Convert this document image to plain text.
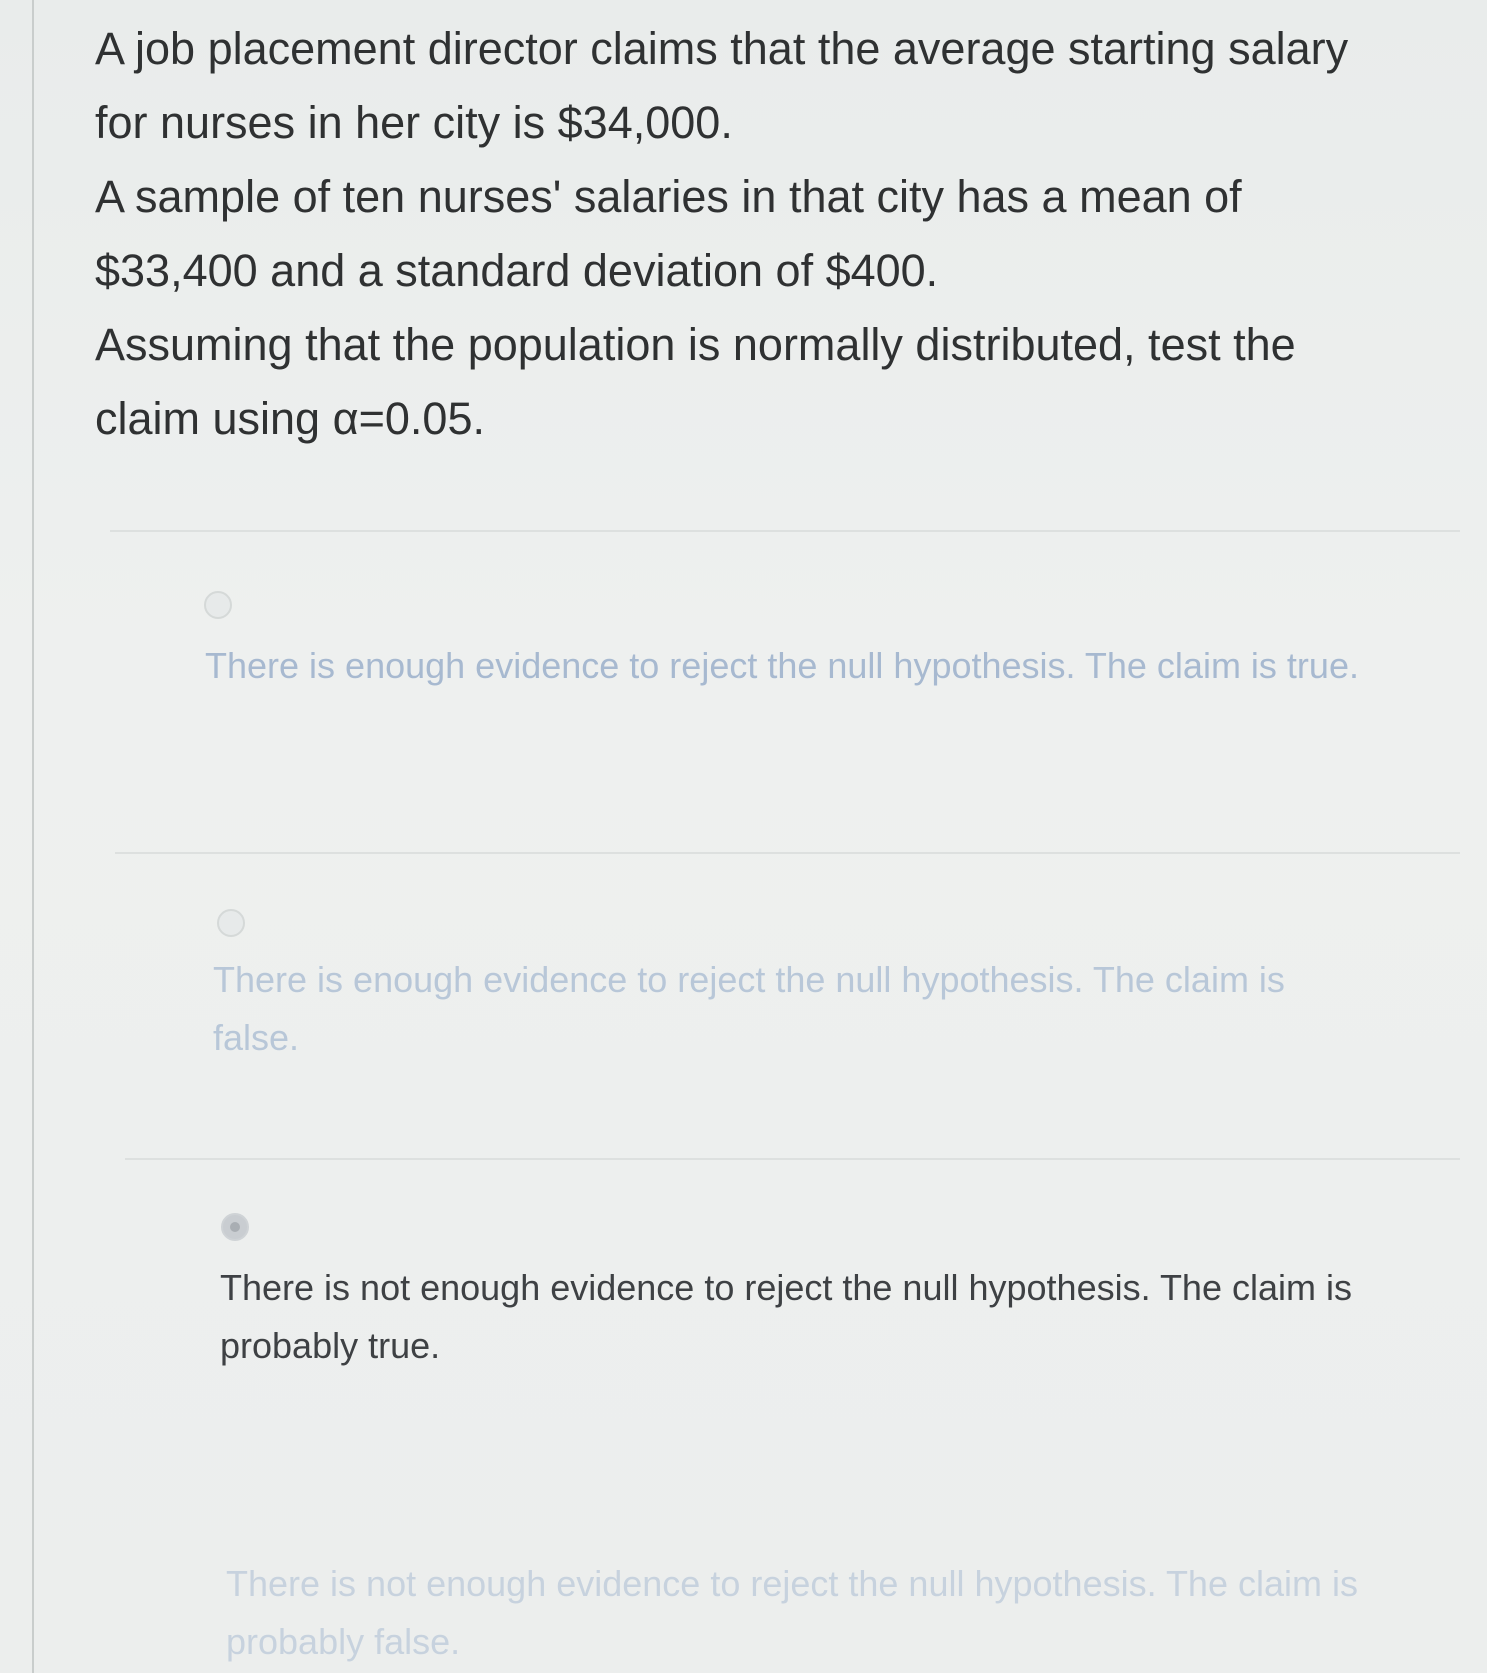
A job placement director claims that the average starting salary

for nurses in her city is $34,000.

A sample of ten nurses' salaries in that city has a mean of

$33,400 and a standard deviation of $400.

Assuming that the population is normally distributed, test the

claim using α=0.05.

There is enough evidence to reject the null hypothesis. The claim is true.
There is enough evidence to reject the null hypothesis. The claim is false.
There is not enough evidence to reject the null hypothesis. The claim is probably true.
There is not enough evidence to reject the null hypothesis. The claim is probably false.
